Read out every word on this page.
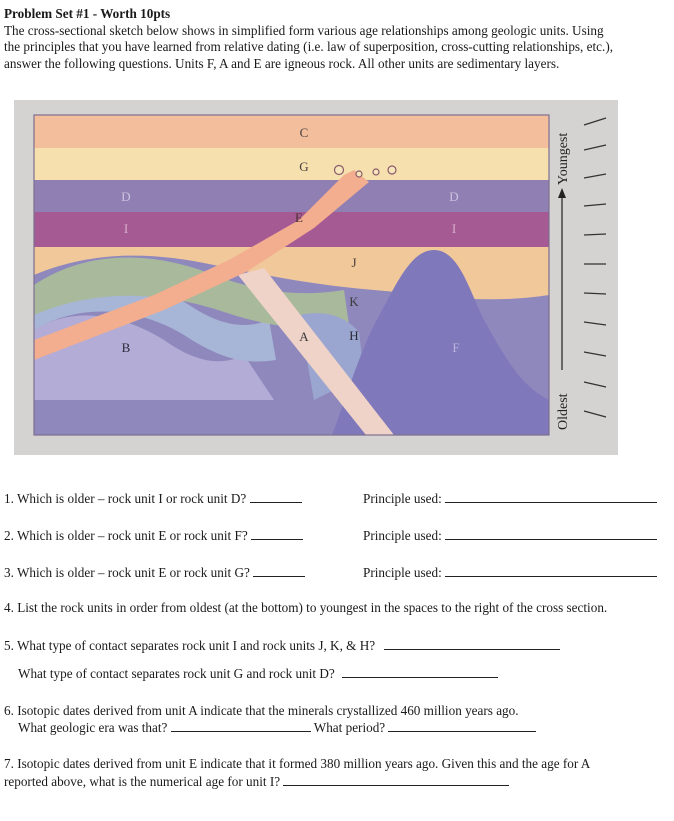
Problem Set #1 - Worth 10pts
The cross-sectional sketch below shows in simplified form various age relationships among geologic units. Using
the principles that you have learned from relative dating (i.e. law of superposition, cross-cutting relationships, etc.),
answer the following questions. Units F, A and E are igneous rock. All other units are sedimentary layers.
C
G
D	D
E
I	I
J
K
A	H
B	F
Youngest
Oldest
1. Which is older – rock unit I or rock unit D?	Principle used:
2. Which is older – rock unit E or rock unit F?	Principle used:
3. Which is older – rock unit E or rock unit G?	Principle used:
4. List the rock units in order from oldest (at the bottom) to youngest in the spaces to the right of the cross section.
5. What type of contact separates rock unit I and rock units J, K, & H?
What type of contact separates rock unit G and rock unit D?
6. Isotopic dates derived from unit A indicate that the minerals crystallized 460 million years ago.
What geologic era was that?	What period?
7. Isotopic dates derived from unit E indicate that it formed 380 million years ago. Given this and the age for A
reported above, what is the numerical age for unit I?
